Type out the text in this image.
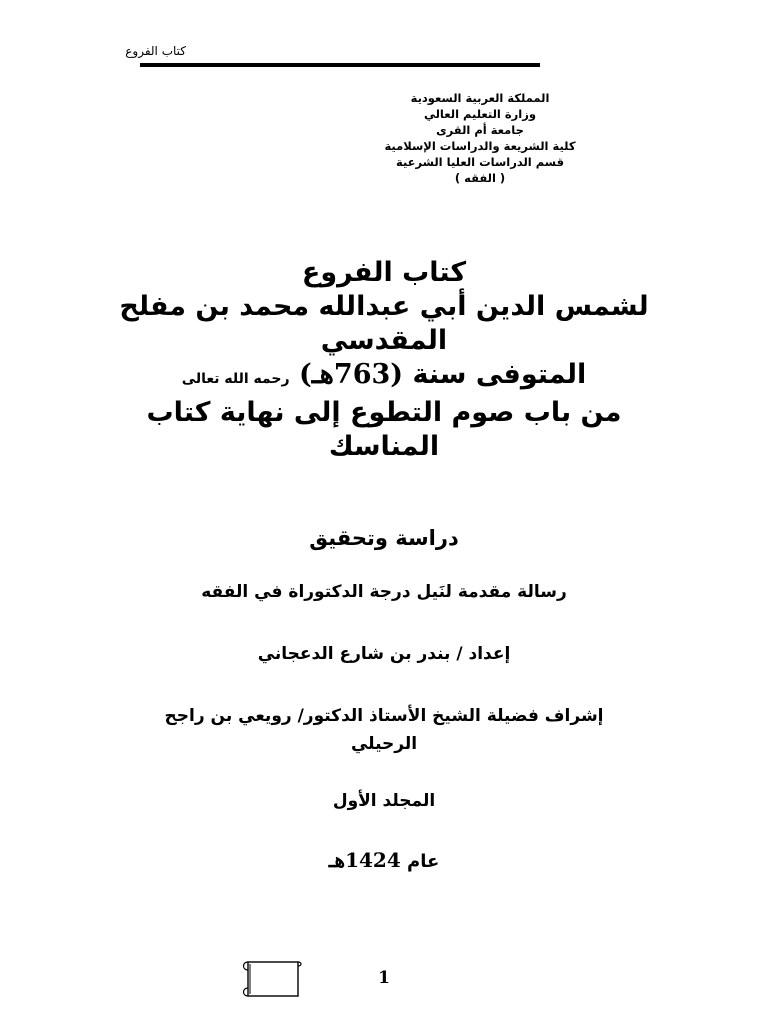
كتاب الفروع
المملكة العربية السعودية
وزارة التعليم العالي
جامعة أم القرى
كلية الشريعة والدراسات الإسلامية
قسم الدراسات العليا الشرعية
( الفقه )
كتاب الفروع
لشمس الدين أبي عبدالله محمد بن مفلح
المقدسي
المتوفى سنة (763هـ) رحمه الله تعالى
من باب صوم التطوع إلى نهاية كتاب
المناسك
دراسة وتحقيق
رسالة مقدمة لنَيل درجة الدكتوراة في الفقه
إعداد / بندر بن شارع الدعجاني
إشراف فضيلة الشيخ الأستاذ الدكتور/ رويعي بن راجح
الرحيلي
المجلد الأول
عام 1424هـ
1
